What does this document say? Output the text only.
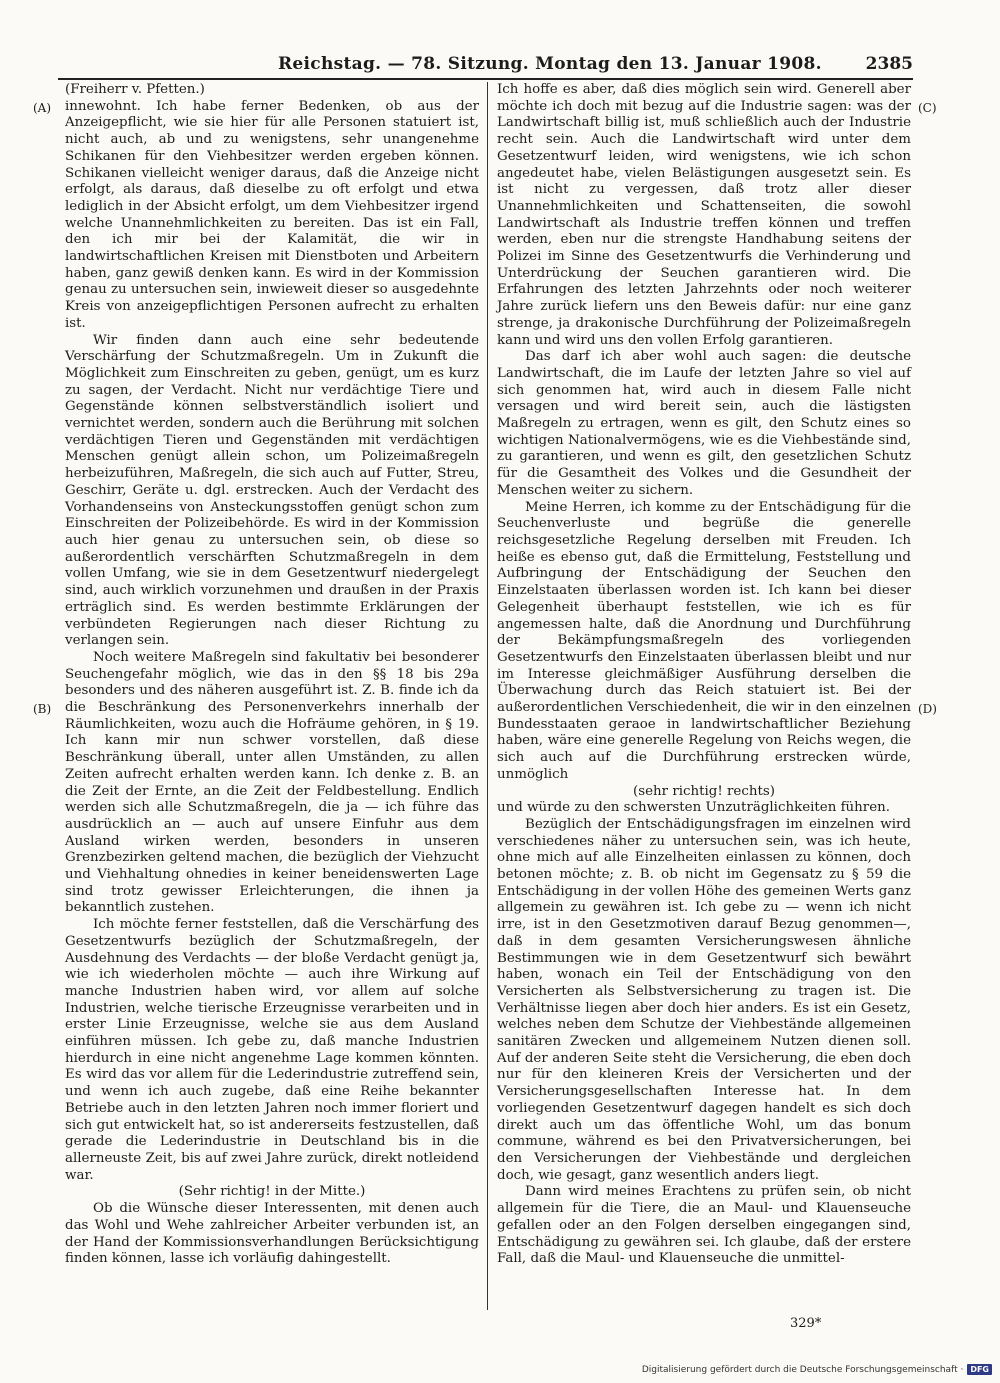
Reichstag. — 78. Sitzung. Montag den 13. Januar 1908.	2385
(A)
(B)
(C)
(D)

(Freiherr v. Pfetten.)

innewohnt. Ich habe ferner Bedenken, ob aus der Anzeigepflicht, wie sie hier für alle Personen statuiert ist, nicht auch, ab und zu wenigstens, sehr unangenehme Schikanen für den Viehbesitzer werden ergeben können. Schikanen vielleicht weniger daraus, daß die Anzeige nicht erfolgt, als daraus, daß dieselbe zu oft erfolgt und etwa lediglich in der Absicht erfolgt, um dem Viehbesitzer irgend welche Unannehmlichkeiten zu bereiten. Das ist ein Fall, den ich mir bei der Kalamität, die wir in landwirtschaftlichen Kreisen mit Dienstboten und Arbeitern haben, ganz gewiß denken kann. Es wird in der Kommission genau zu untersuchen sein, inwieweit dieser so ausgedehnte Kreis von anzeigepflichtigen Personen aufrecht zu erhalten ist.

Wir finden dann auch eine sehr bedeutende Verschärfung der Schutzmaßregeln. Um in Zukunft die Möglichkeit zum Einschreiten zu geben, genügt, um es kurz zu sagen, der Verdacht. Nicht nur verdächtige Tiere und Gegenstände können selbstverständlich isoliert und vernichtet werden, sondern auch die Berührung mit solchen verdächtigen Tieren und Gegenständen mit verdächtigen Menschen genügt allein schon, um Polizeimaßregeln herbeizuführen, Maßregeln, die sich auch auf Futter, Streu, Geschirr, Geräte u. dgl. erstrecken. Auch der Verdacht des Vorhandenseins von Ansteckungsstoffen genügt schon zum Einschreiten der Polizeibehörde. Es wird in der Kommission auch hier genau zu untersuchen sein, ob diese so außerordentlich verschärften Schutzmaßregeln in dem vollen Umfang, wie sie in dem Gesetzentwurf niedergelegt sind, auch wirklich vorzunehmen und draußen in der Praxis erträglich sind. Es werden bestimmte Erklärungen der verbündeten Regierungen nach dieser Richtung zu verlangen sein.

Noch weitere Maßregeln sind fakultativ bei besonderer Seuchengefahr möglich, wie das in den §§ 18 bis 29a besonders und des näheren ausgeführt ist. Z. B. finde ich da die Beschränkung des Personenverkehrs innerhalb der Räumlichkeiten, wozu auch die Hofräume gehören, in § 19. Ich kann mir nun schwer vorstellen, daß diese Beschränkung überall, unter allen Umständen, zu allen Zeiten aufrecht erhalten werden kann. Ich denke z. B. an die Zeit der Ernte, an die Zeit der Feldbestellung. Endlich werden sich alle Schutzmaßregeln, die ja — ich führe das ausdrücklich an — auch auf unsere Einfuhr aus dem Ausland wirken werden, besonders in unseren Grenzbezirken geltend machen, die bezüglich der Viehzucht und Viehhaltung ohnedies in keiner beneidenswerten Lage sind trotz gewisser Erleichterungen, die ihnen ja bekanntlich zustehen.

Ich möchte ferner feststellen, daß die Verschärfung des Gesetzentwurfs bezüglich der Schutzmaßregeln, der Ausdehnung des Verdachts — der bloße Verdacht genügt ja, wie ich wiederholen möchte — auch ihre Wirkung auf manche Industrien haben wird, vor allem auf solche Industrien, welche tierische Erzeugnisse verarbeiten und in erster Linie Erzeugnisse, welche sie aus dem Ausland einführen müssen. Ich gebe zu, daß manche Industrien hierdurch in eine nicht angenehme Lage kommen könnten. Es wird das vor allem für die Lederindustrie zutreffend sein, und wenn ich auch zugebe, daß eine Reihe bekannter Betriebe auch in den letzten Jahren noch immer floriert und sich gut entwickelt hat, so ist andererseits festzustellen, daß gerade die Lederindustrie in Deutschland bis in die allerneuste Zeit, bis auf zwei Jahre zurück, direkt notleidend war.

(Sehr richtig! in der Mitte.)

Ob die Wünsche dieser Interessenten, mit denen auch das Wohl und Wehe zahlreicher Arbeiter verbunden ist, an der Hand der Kommissionsverhandlungen Berücksichtigung finden können, lasse ich vorläufig dahingestellt.

Ich hoffe es aber, daß dies möglich sein wird. Generell aber möchte ich doch mit bezug auf die Industrie sagen: was der Landwirtschaft billig ist, muß schließlich auch der Industrie recht sein. Auch die Landwirtschaft wird unter dem Gesetzentwurf leiden, wird wenigstens, wie ich schon angedeutet habe, vielen Belästigungen ausgesetzt sein. Es ist nicht zu vergessen, daß trotz aller dieser Unannehmlichkeiten und Schattenseiten, die sowohl Landwirtschaft als Industrie treffen können und treffen werden, eben nur die strengste Handhabung seitens der Polizei im Sinne des Gesetzentwurfs die Verhinderung und Unterdrückung der Seuchen garantieren wird. Die Erfahrungen des letzten Jahrzehnts oder noch weiterer Jahre zurück liefern uns den Beweis dafür: nur eine ganz strenge, ja drakonische Durchführung der Polizeimaßregeln kann und wird uns den vollen Erfolg garantieren.

Das darf ich aber wohl auch sagen: die deutsche Landwirtschaft, die im Laufe der letzten Jahre so viel auf sich genommen hat, wird auch in diesem Falle nicht versagen und wird bereit sein, auch die lästigsten Maßregeln zu ertragen, wenn es gilt, den Schutz eines so wichtigen Nationalvermögens, wie es die Viehbestände sind, zu garantieren, und wenn es gilt, den gesetzlichen Schutz für die Gesamtheit des Volkes und die Gesundheit der Menschen weiter zu sichern.

Meine Herren, ich komme zu der Entschädigung für die Seuchenverluste und begrüße die generelle reichsgesetzliche Regelung derselben mit Freuden. Ich heiße es ebenso gut, daß die Ermittelung, Feststellung und Aufbringung der Entschädigung der Seuchen den Einzelstaaten überlassen worden ist. Ich kann bei dieser Gelegenheit überhaupt feststellen, wie ich es für angemessen halte, daß die Anordnung und Durchführung der Bekämpfungsmaßregeln des vorliegenden Gesetzentwurfs den Einzelstaaten überlassen bleibt und nur im Interesse gleichmäßiger Ausführung derselben die Überwachung durch das Reich statuiert ist. Bei der außerordentlichen Verschiedenheit, die wir in den einzelnen Bundesstaaten geraoe in landwirtschaftlicher Beziehung haben, wäre eine generelle Regelung von Reichs wegen, die sich auch auf die Durchführung erstrecken würde, unmöglich

(sehr richtig! rechts)

und würde zu den schwersten Unzuträglichkeiten führen.

Bezüglich der Entschädigungsfragen im einzelnen wird verschiedenes näher zu untersuchen sein, was ich heute, ohne mich auf alle Einzelheiten einlassen zu können, doch betonen möchte; z. B. ob nicht im Gegensatz zu § 59 die Entschädigung in der vollen Höhe des gemeinen Werts ganz allgemein zu gewähren ist. Ich gebe zu — wenn ich nicht irre, ist in den Gesetzmotiven darauf Bezug genommen—, daß in dem gesamten Versicherungswesen ähnliche Bestimmungen wie in dem Gesetzentwurf sich bewährt haben, wonach ein Teil der Entschädigung von den Versicherten als Selbstversicherung zu tragen ist. Die Verhältnisse liegen aber doch hier anders. Es ist ein Gesetz, welches neben dem Schutze der Viehbestände allgemeinen sanitären Zwecken und allgemeinem Nutzen dienen soll. Auf der anderen Seite steht die Versicherung, die eben doch nur für den kleineren Kreis der Versicherten und der Versicherungsgesellschaften Interesse hat. In dem vorliegenden Gesetzentwurf dagegen handelt es sich doch direkt auch um das öffentliche Wohl, um das bonum commune, während es bei den Privatversicherungen, bei den Versicherungen der Viehbestände und dergleichen doch, wie gesagt, ganz wesentlich anders liegt.

Dann wird meines Erachtens zu prüfen sein, ob nicht allgemein für die Tiere, die an Maul- und Klauenseuche gefallen oder an den Folgen derselben eingegangen sind, Entschädigung zu gewähren sei. Ich glaube, daß der erstere Fall, daß die Maul- und Klauenseuche die unmittel-

329*
Digitalisierung gefördert durch die Deutsche Forschungsgemeinschaft · DFG
